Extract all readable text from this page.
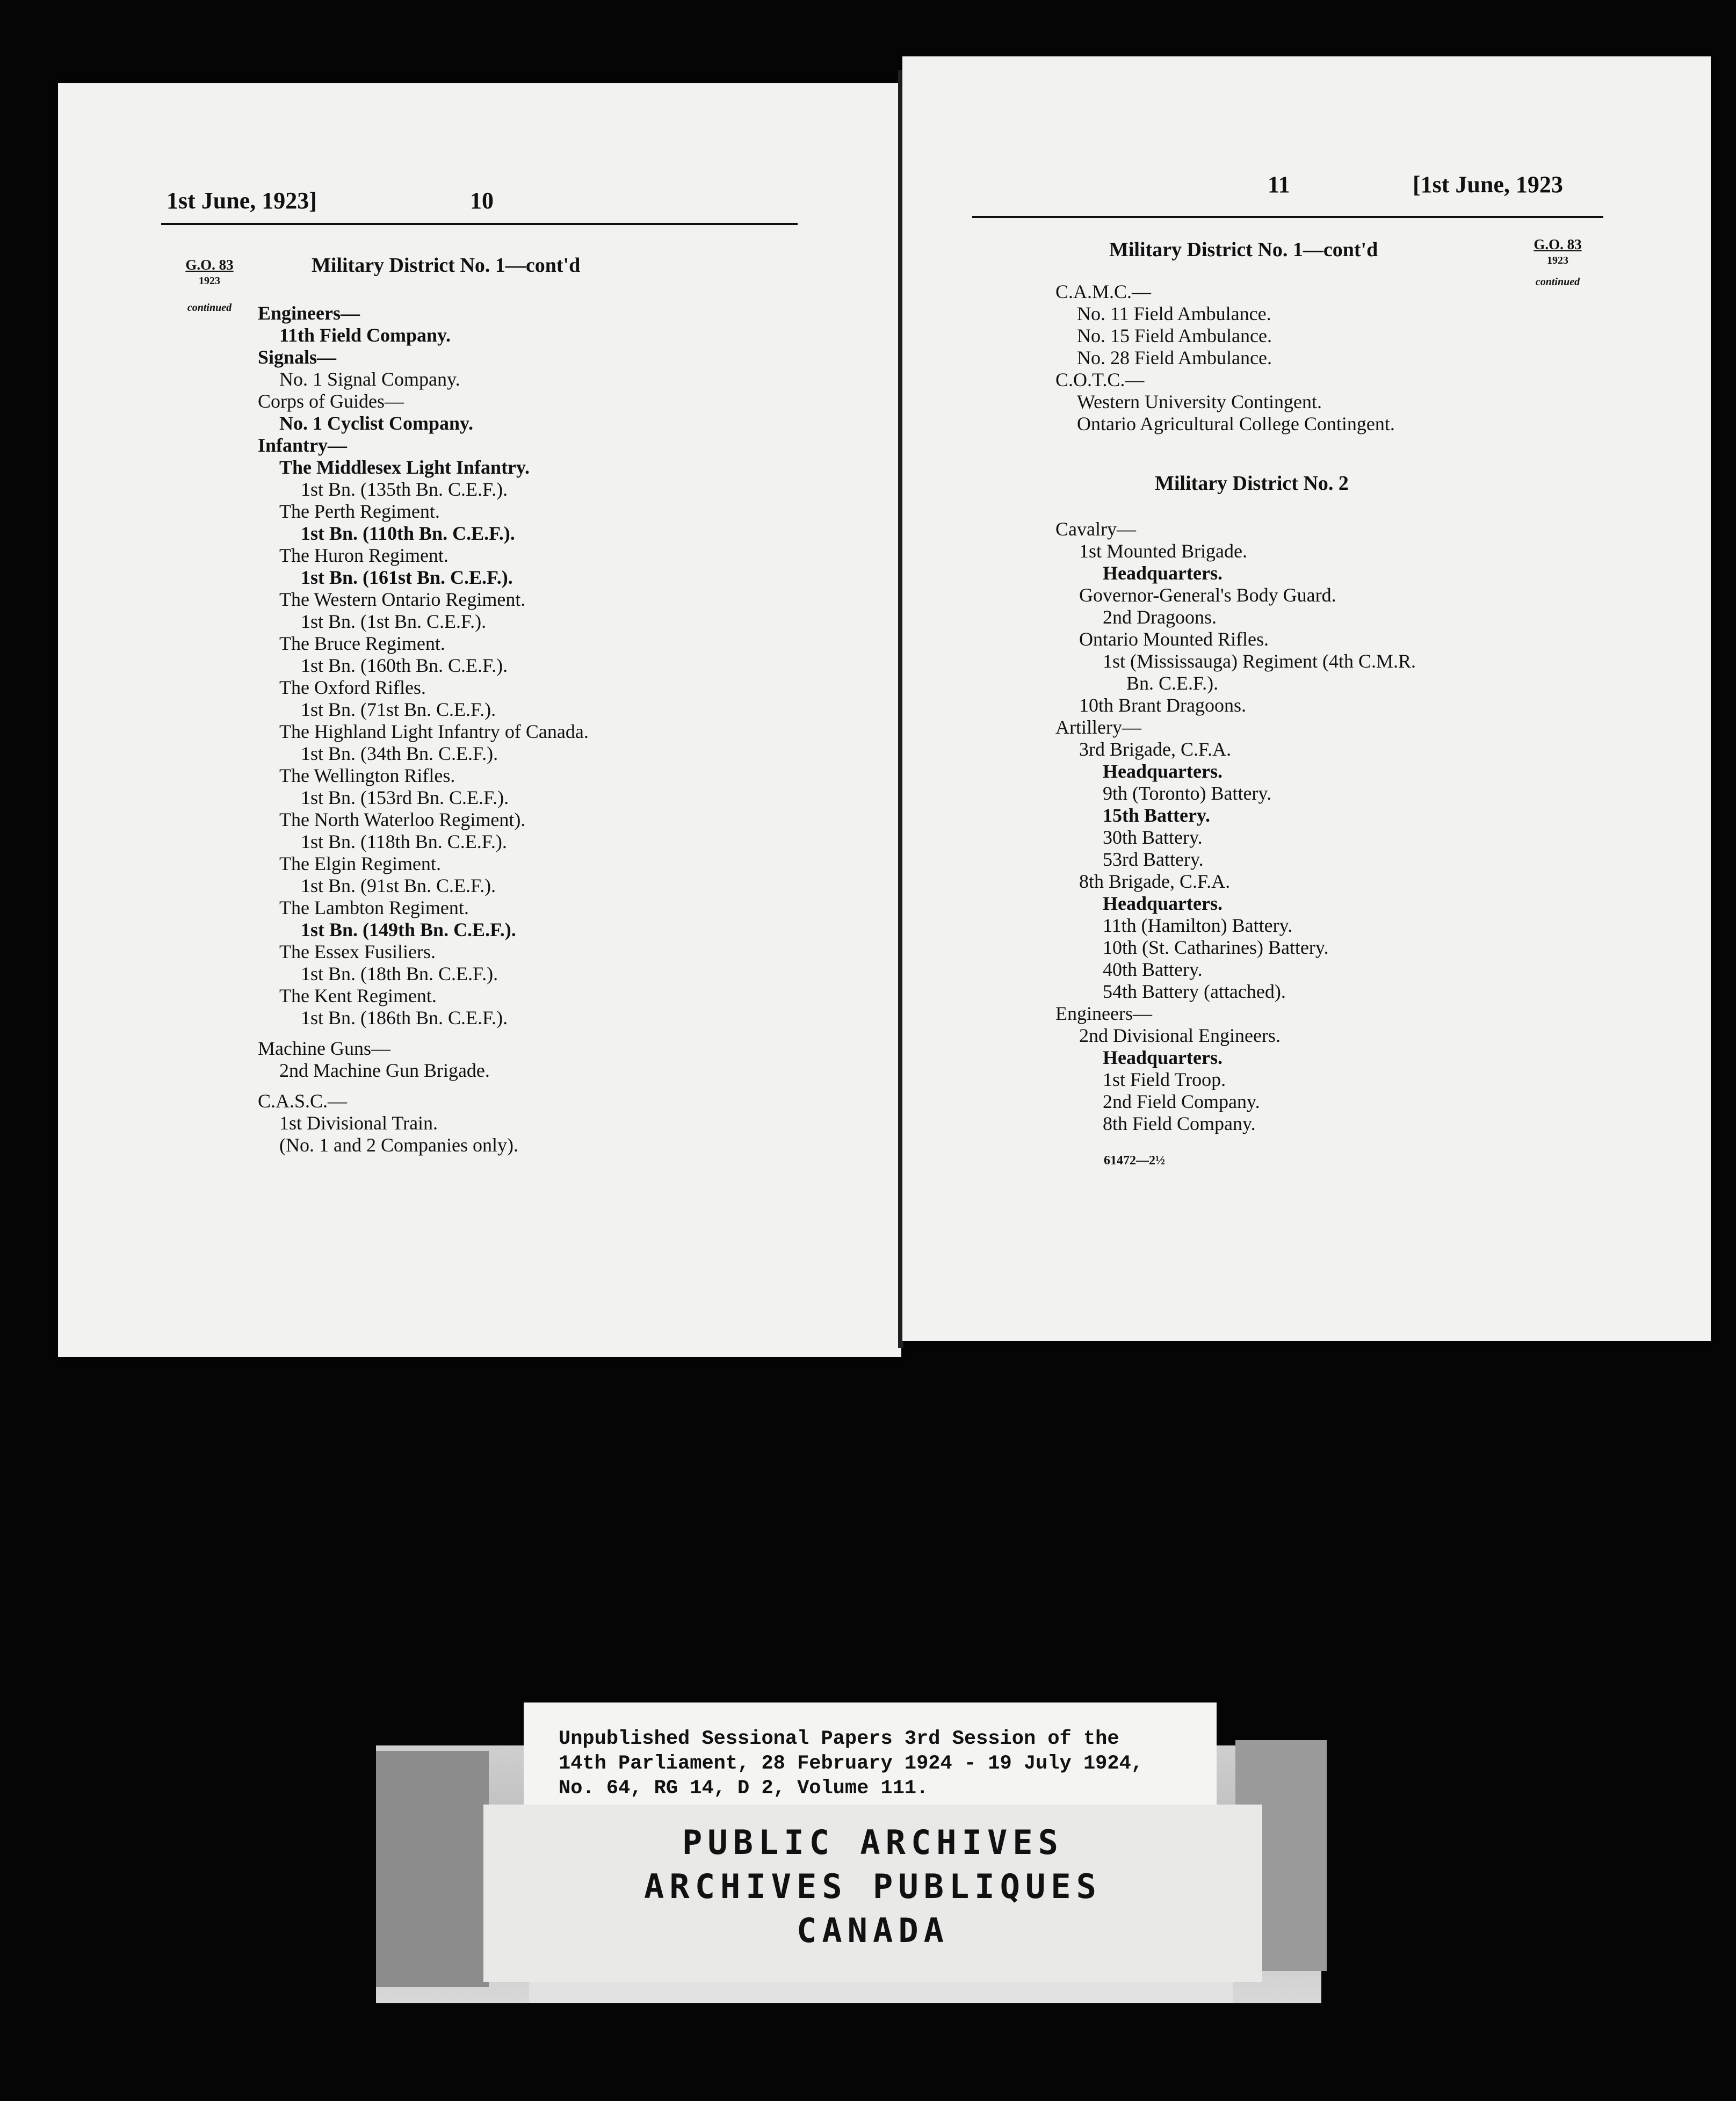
1st June, 1923]	10
G.O. 83
1923
continued
Military District No. 1—cont'd
Engineers—
11th Field Company.
Signals—
No. 1 Signal Company.
Corps of Guides—
No. 1 Cyclist Company.
Infantry—
The Middlesex Light Infantry.
1st Bn. (135th Bn. C.E.F.).
The Perth Regiment.
1st Bn. (110th Bn. C.E.F.).
The Huron Regiment.
1st Bn. (161st Bn. C.E.F.).
The Western Ontario Regiment.
1st Bn. (1st Bn. C.E.F.).
The Bruce Regiment.
1st Bn. (160th Bn. C.E.F.).
The Oxford Rifles.
1st Bn. (71st Bn. C.E.F.).
The Highland Light Infantry of Canada.
1st Bn. (34th Bn. C.E.F.).
The Wellington Rifles.
1st Bn. (153rd Bn. C.E.F.).
The North Waterloo Regiment).
1st Bn. (118th Bn. C.E.F.).
The Elgin Regiment.
1st Bn. (91st Bn. C.E.F.).
The Lambton Regiment.
1st Bn. (149th Bn. C.E.F.).
The Essex Fusiliers.
1st Bn. (18th Bn. C.E.F.).
The Kent Regiment.
1st Bn. (186th Bn. C.E.F.).
Machine Guns—
2nd Machine Gun Brigade.
C.A.S.C.—
1st Divisional Train.
(No. 1 and 2 Companies only).
11	[1st June, 1923
Military District No. 1—cont'd	G.O. 83
1923
continued
C.A.M.C.—
No. 11 Field Ambulance.
No. 15 Field Ambulance.
No. 28 Field Ambulance.
C.O.T.C.—
Western University Contingent.
Ontario Agricultural College Contingent.
Military District No. 2
Cavalry—
1st Mounted Brigade.
Headquarters.
Governor-General's Body Guard.
2nd Dragoons.
Ontario Mounted Rifles.
1st (Mississauga) Regiment (4th C.M.R.
Bn. C.E.F.).
10th Brant Dragoons.
Artillery—
3rd Brigade, C.F.A.
Headquarters.
9th (Toronto) Battery.
15th Battery.
30th Battery.
53rd Battery.
8th Brigade, C.F.A.
Headquarters.
11th (Hamilton) Battery.
10th (St. Catharines) Battery.
40th Battery.
54th Battery (attached).
Engineers—
2nd Divisional Engineers.
Headquarters.
1st Field Troop.
2nd Field Company.
8th Field Company.
61472—2½
Unpublished Sessional Papers 3rd Session of the
14th Parliament, 28 February 1924 - 19 July 1924,
No. 64, RG 14, D 2, Volume 111.
PUBLIC ARCHIVES
ARCHIVES PUBLIQUES
CANADA
